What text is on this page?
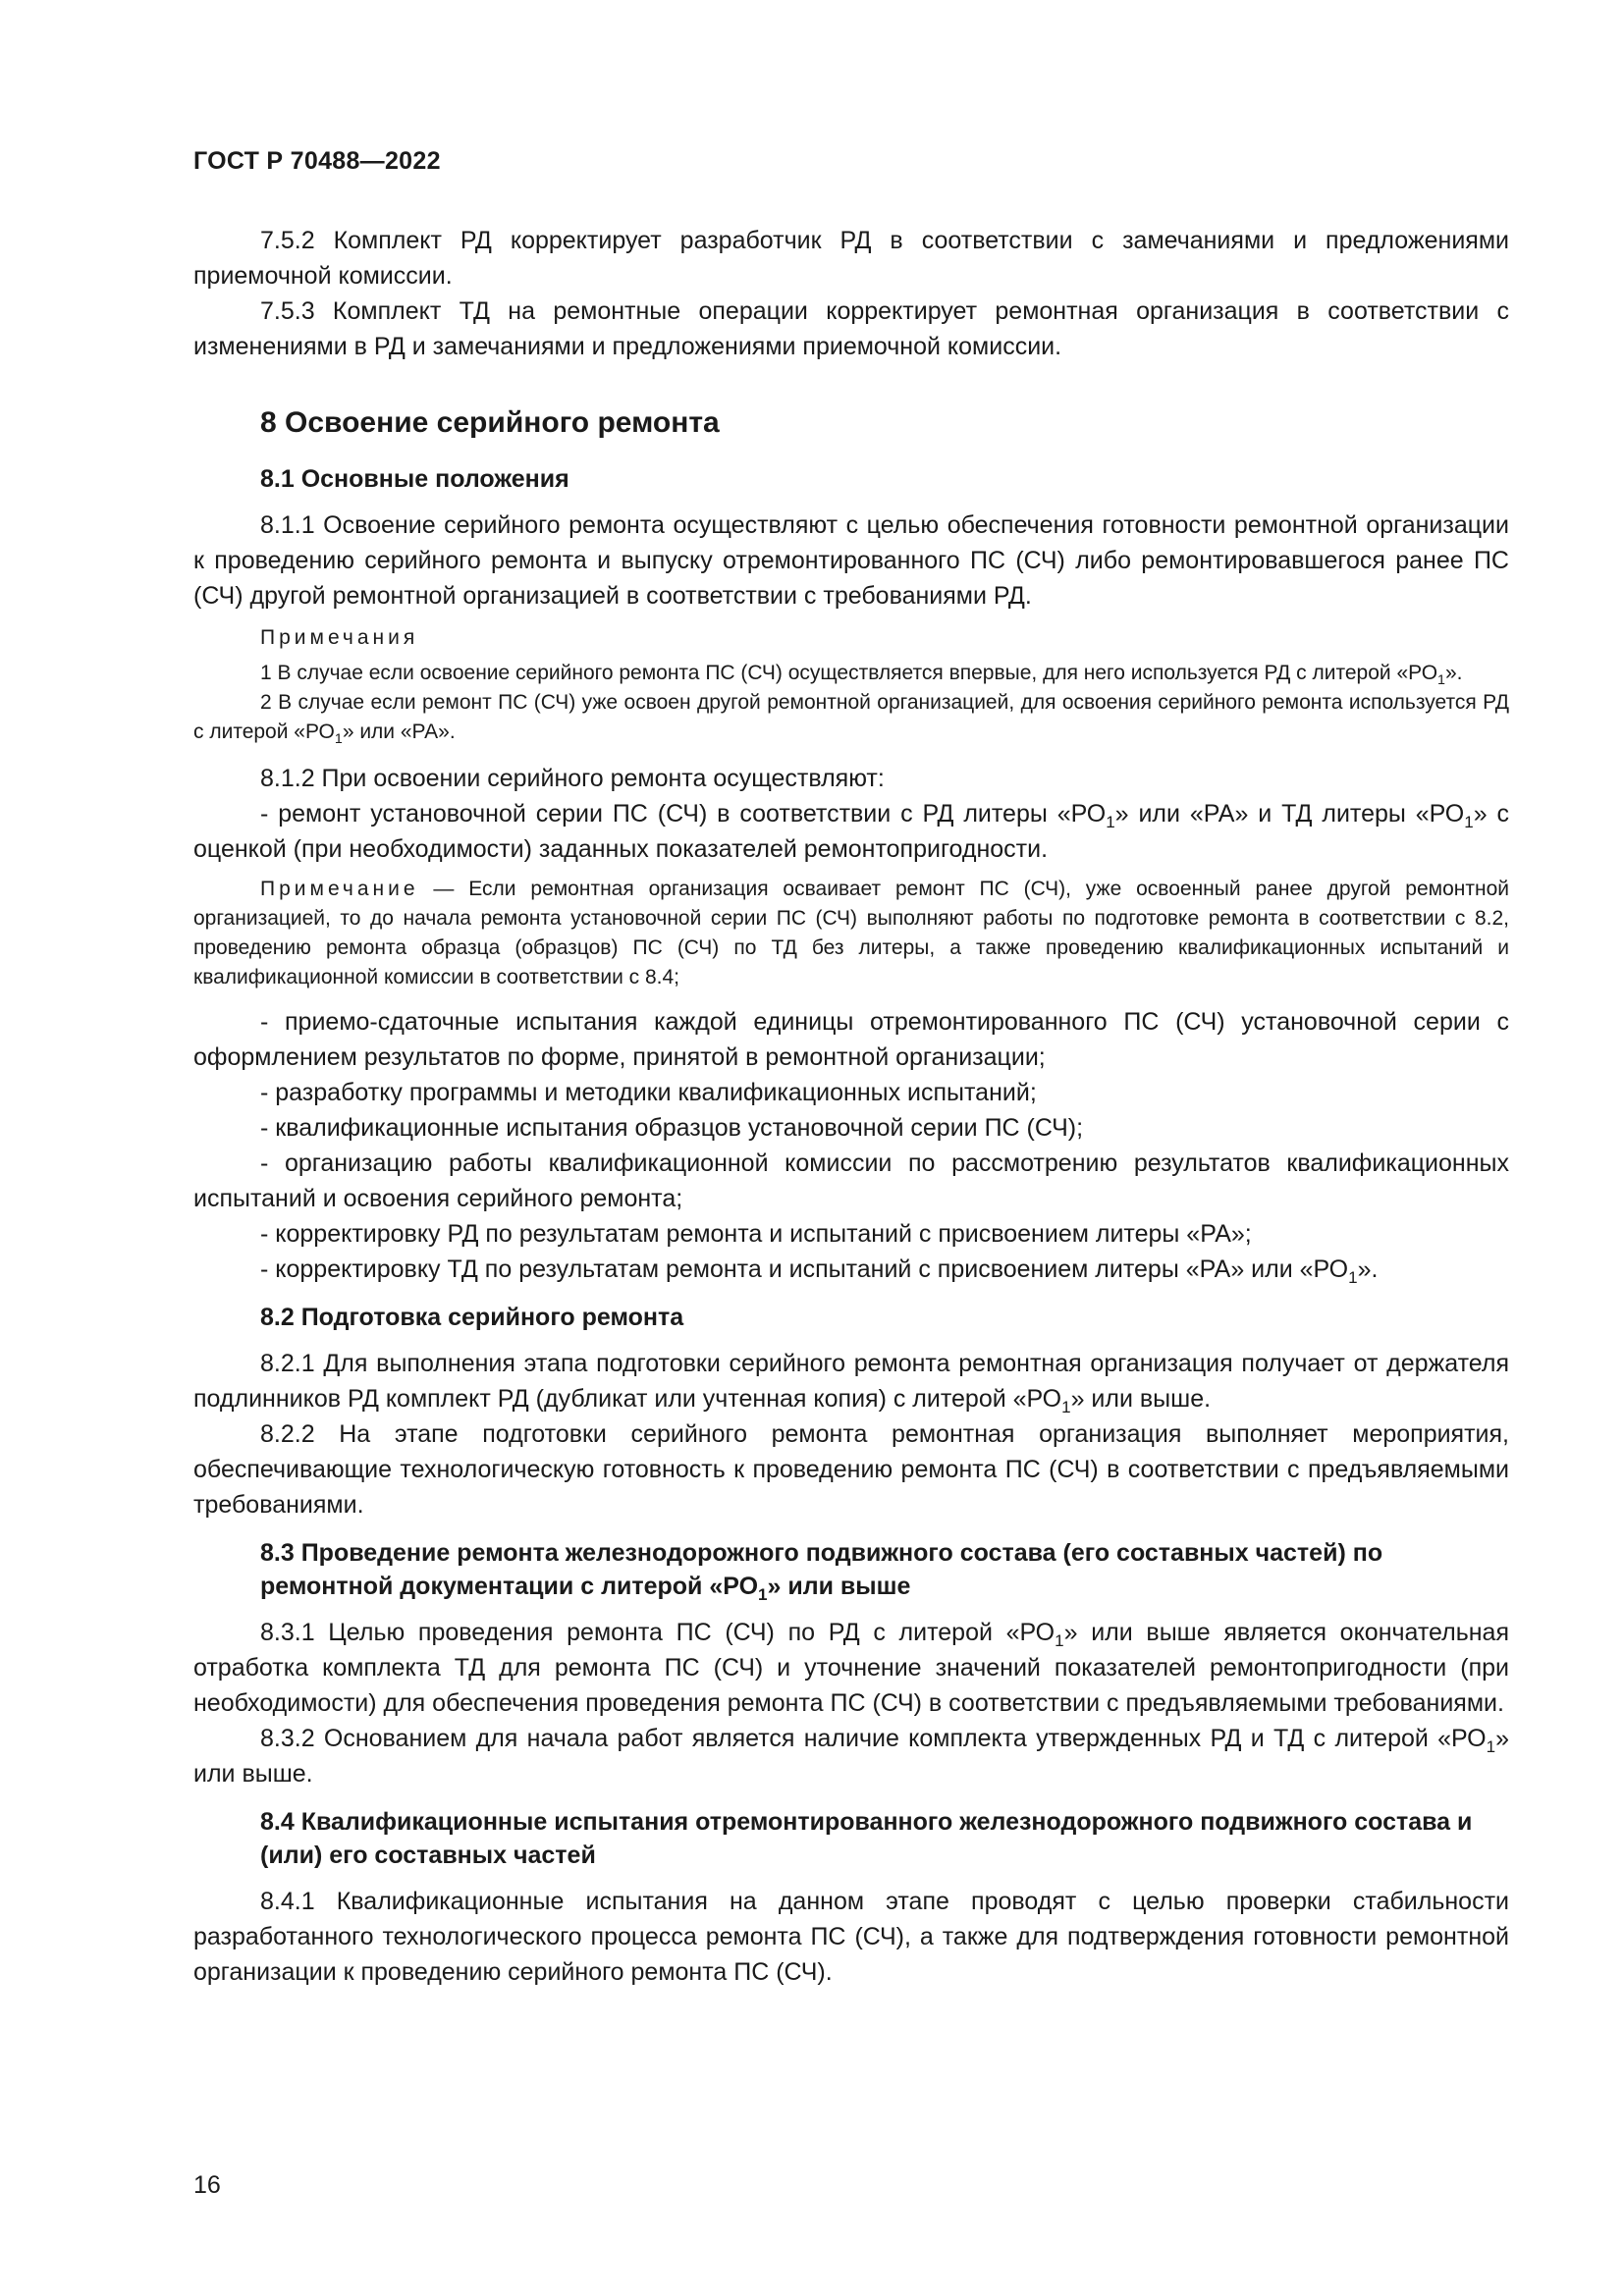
ГОСТ Р 70488—2022

7.5.2 Комплект РД корректирует разработчик РД в соответствии с замечаниями и предложениями приемочной комиссии.

7.5.3 Комплект ТД на ремонтные операции корректирует ремонтная организация в соответствии с изменениями в РД и замечаниями и предложениями приемочной комиссии.

8 Освоение серийного ремонта

8.1 Основные положения

8.1.1 Освоение серийного ремонта осуществляют с целью обеспечения готовности ремонтной организации к проведению серийного ремонта и выпуску отремонтированного ПС (СЧ) либо ремонтировавшегося ранее ПС (СЧ) другой ремонтной организацией в соответствии с требованиями РД.

Примечания

1 В случае если освоение серийного ремонта ПС (СЧ) осуществляется впервые, для него используется РД с литерой «$РО_1$».

2 В случае если ремонт ПС (СЧ) уже освоен другой ремонтной организацией, для освоения серийного ремонта используется РД с литерой «$РО_1$» или «РА».

8.1.2 При освоении серийного ремонта осуществляют:

- ремонт установочной серии ПС (СЧ) в соответствии с РД литеры «$РО_1$» или «РА» и ТД литеры «$РО_1$» с оценкой (при необходимости) заданных показателей ремонтопригодности.

Примечание — Если ремонтная организация осваивает ремонт ПС (СЧ), уже освоенный ранее другой ремонтной организацией, то до начала ремонта установочной серии ПС (СЧ) выполняют работы по подготовке ремонта в соответствии с 8.2, проведению ремонта образца (образцов) ПС (СЧ) по ТД без литеры, а также проведению квалификационных испытаний и квалификационной комиссии в соответствии с 8.4;

- приемо-сдаточные испытания каждой единицы отремонтированного ПС (СЧ) установочной серии с оформлением результатов по форме, принятой в ремонтной организации;

- разработку программы и методики квалификационных испытаний;

- квалификационные испытания образцов установочной серии ПС (СЧ);

- организацию работы квалификационной комиссии по рассмотрению результатов квалификационных испытаний и освоения серийного ремонта;

- корректировку РД по результатам ремонта и испытаний с присвоением литеры «РА»;

- корректировку ТД по результатам ремонта и испытаний с присвоением литеры «РА» или «$РО_1$».

8.2 Подготовка серийного ремонта

8.2.1 Для выполнения этапа подготовки серийного ремонта ремонтная организация получает от держателя подлинников РД комплект РД (дубликат или учтенная копия) с литерой «$РО_1$» или выше.

8.2.2 На этапе подготовки серийного ремонта ремонтная организация выполняет мероприятия, обеспечивающие технологическую готовность к проведению ремонта ПС (СЧ) в соответствии с предъявляемыми требованиями.

8.3 Проведение ремонта железнодорожного подвижного состава (его составных частей) по ремонтной документации с литерой «$РО_1$» или выше

8.3.1 Целью проведения ремонта ПС (СЧ) по РД с литерой «$РО_1$» или выше является окончательная отработка комплекта ТД для ремонта ПС (СЧ) и уточнение значений показателей ремонтопригодности (при необходимости) для обеспечения проведения ремонта ПС (СЧ) в соответствии с предъявляемыми требованиями.

8.3.2 Основанием для начала работ является наличие комплекта утвержденных РД и ТД с литерой «$РО_1$» или выше.

8.4 Квалификационные испытания отремонтированного железнодорожного подвижного состава и (или) его составных частей

8.4.1 Квалификационные испытания на данном этапе проводят с целью проверки стабильности разработанного технологического процесса ремонта ПС (СЧ), а также для подтверждения готовности ремонтной организации к проведению серийного ремонта ПС (СЧ).

16
